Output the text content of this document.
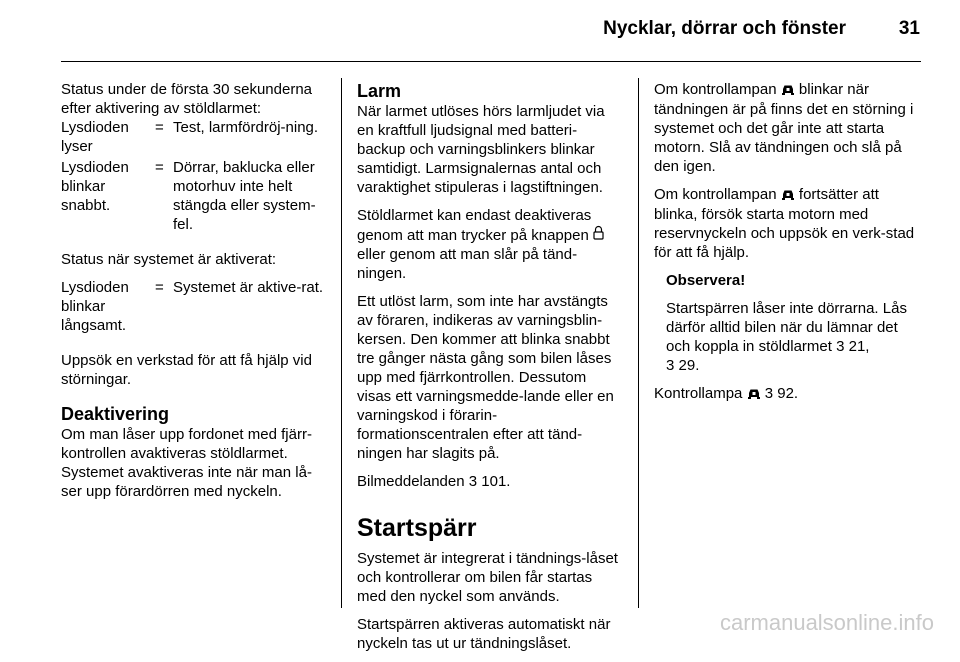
Nycklar, dörrar och fönster	31

Status under de första 30 sekunderna efter aktivering av stöldlarmet:

Lysdioden lyser	=	Test, larmfördröj-ning.
Lysdioden blinkar snabbt.	=	Dörrar, baklucka eller motorhuv inte helt stängda eller system-fel.

Status när systemet är aktiverat:

Lysdioden blinkar långsamt.	=	Systemet är aktive-rat.

Uppsök en verkstad för att få hjälp vid störningar.

Deaktivering

Om man låser upp fordonet med fjärr-kontrollen avaktiveras stöldlarmet. Systemet avaktiveras inte när man lå-ser upp förardörren med nyckeln.

Larm

När larmet utlöses hörs larmljudet via en kraftfull ljudsignal med batteri-backup och varningsblinkers blinkar samtidigt. Larmsignalernas antal och varaktighet stipuleras i lagstiftningen.

Stöldlarmet kan endast deaktiveras genom att man trycker på knappen  eller genom att man slår på tänd-ningen.

Ett utlöst larm, som inte har avstängts av föraren, indikeras av varningsblin-kersen. Den kommer att blinka snabbt tre gånger nästa gång som bilen låses upp med fjärrkontrollen. Dessutom visas ett varningsmedde-lande eller en varningskod i förarin-formationscentralen efter att tänd-ningen har slagits på.

Bilmeddelanden 3 101.

Startspärr

Systemet är integrerat i tändnings-låset och kontrollerar om bilen får startas med den nyckel som används.

Startspärren aktiveras automatiskt när nyckeln tas ut ur tändningslåset.

Om kontrollampan blinkar när tändningen är på finns det en störning i systemet och det går inte att starta motorn. Slå av tändningen och slå på den igen.

Om kontrollampan fortsätter att blinka, försök starta motorn med reservnyckeln och uppsök en verk-stad för att få hjälp.

Observera!

Startspärren låser inte dörrarna. Lås därför alltid bilen när du lämnar det och koppla in stöldlarmet 3 21,
3 29.

Kontrollampa 3 92.

carmanualsonline.info
